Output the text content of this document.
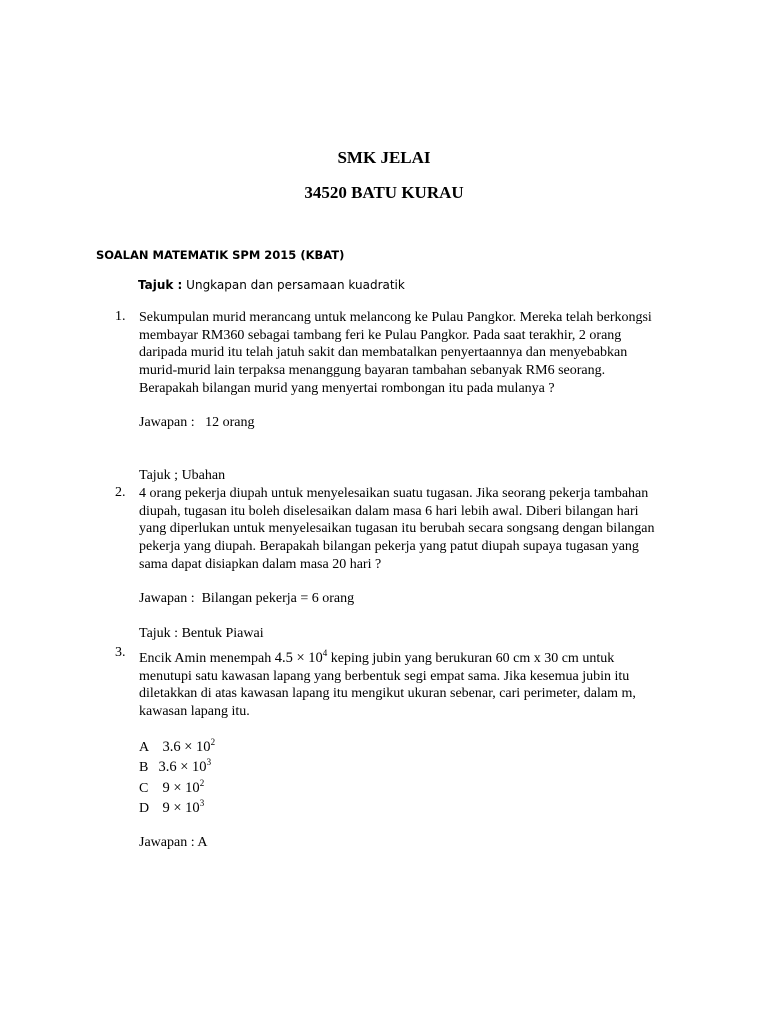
SMK JELAI
34520 BATU KURAU
SOALAN MATEMATIK SPM 2015 (KBAT)
Tajuk : Ungkapan dan persamaan kuadratik
1. Sekumpulan murid merancang untuk melancong ke Pulau Pangkor. Mereka telah berkongsi
membayar RM360 sebagai tambang feri ke Pulau Pangkor. Pada saat terakhir, 2 orang
daripada murid itu telah jatuh sakit dan membatalkan penyertaannya dan menyebabkan
murid-murid lain terpaksa menanggung bayaran tambahan sebanyak RM6 seorang.
Berapakah bilangan murid yang menyertai rombongan itu pada mulanya ?
Jawapan :   12 orang
Tajuk ; Ubahan
2. 4 orang pekerja diupah untuk menyelesaikan suatu tugasan. Jika seorang pekerja tambahan
diupah, tugasan itu boleh diselesaikan dalam masa 6 hari lebih awal. Diberi bilangan hari
yang diperlukan untuk menyelesaikan tugasan itu berubah secara songsang dengan bilangan
pekerja yang diupah. Berapakah bilangan pekerja yang patut diupah supaya tugasan yang
sama dapat disiapkan dalam masa 20 hari ?
Jawapan :  Bilangan pekerja = 6 orang
Tajuk : Bentuk Piawai
3. Encik Amin menempah $4.5 \times 10^4$ keping jubin yang berukuran 60 cm x 30 cm untuk
menutupi satu kawasan lapang yang berbentuk segi empat sama. Jika kesemua jubin itu
diletakkan di atas kawasan lapang itu mengikut ukuran sebenar, cari perimeter, dalam m,
kawasan lapang itu.
A $3.6 \times 10^2$
B $3.6 \times 10^3$
C $9 \times 10^2$
D $9 \times 10^3$
Jawapan : A
